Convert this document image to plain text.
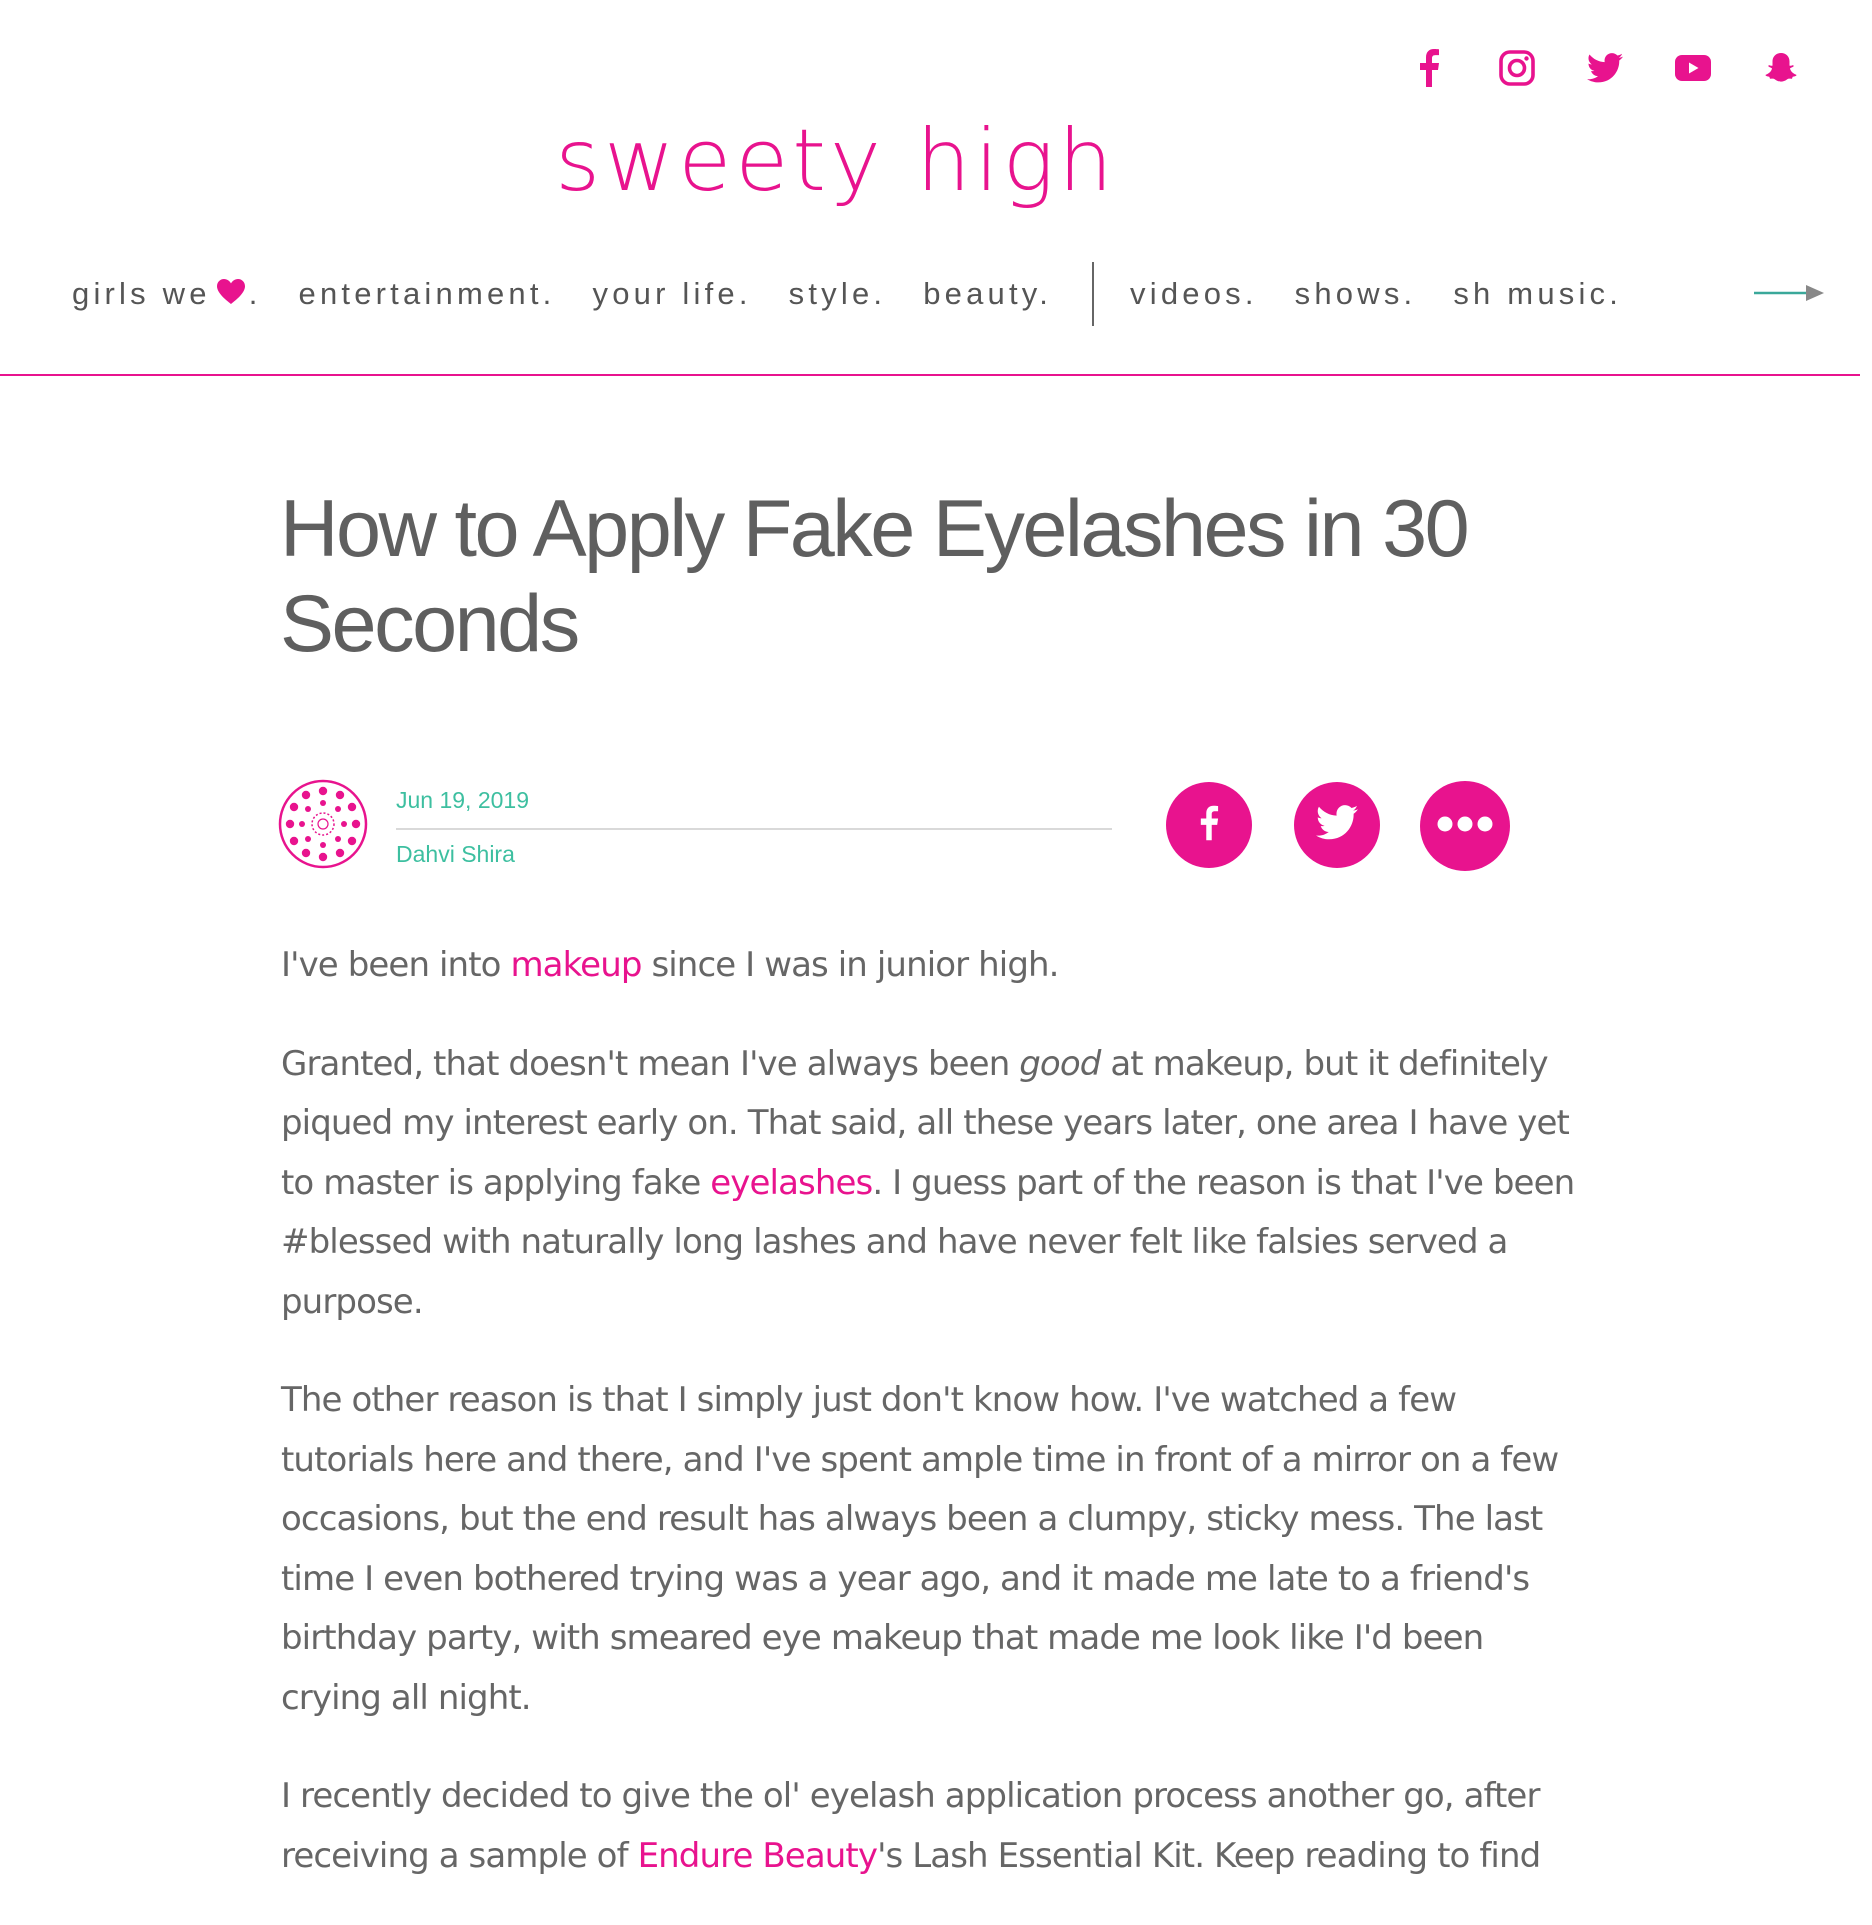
sweety high
girls we . entertainment. your life. style. beauty.	videos. shows. sh music.
How to Apply Fake Eyelashes in 30 Seconds
Jun 19, 2019
Dahvi Shira

I've been into makeup since I was in junior high.

Granted, that doesn't mean I've always been good at makeup, but it definitely piqued my interest early on. That said, all these years later, one area I have yet to master is applying fake eyelashes. I guess part of the reason is that I've been #blessed with naturally long lashes and have never felt like falsies served a purpose.

The other reason is that I simply just don't know how. I've watched a few tutorials here and there, and I've spent ample time in front of a mirror on a few occasions, but the end result has always been a clumpy, sticky mess. The last time I even bothered trying was a year ago, and it made me late to a friend's birthday party, with smeared eye makeup that made me look like I'd been crying all night.

I recently decided to give the ol' eyelash application process another go, after receiving a sample of Endure Beauty's Lash Essential Kit. Keep reading to find
